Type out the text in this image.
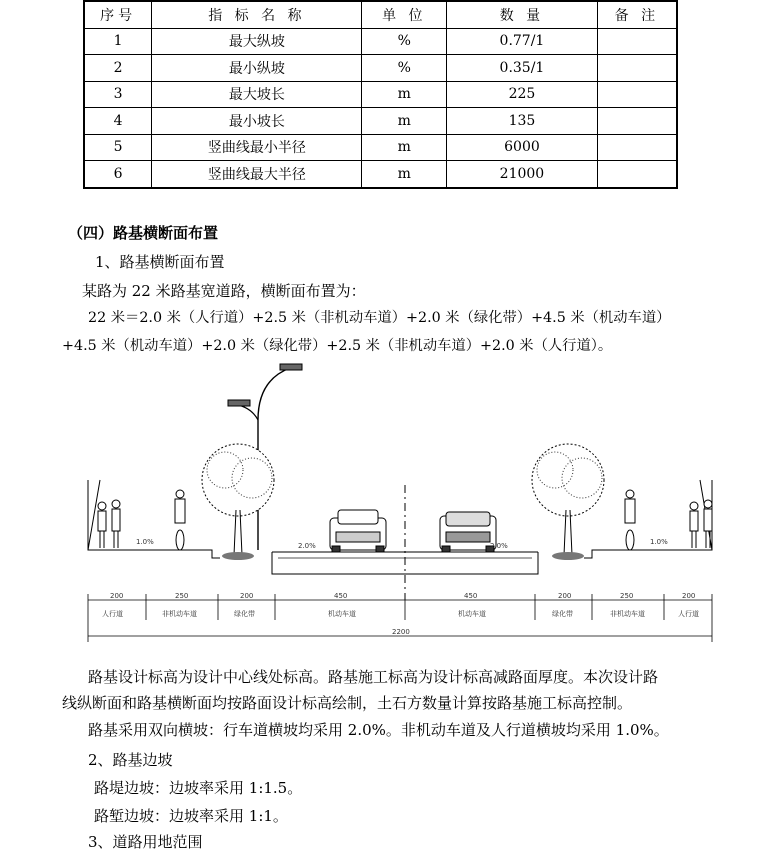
序号	指 标 名 称	单 位	数 量	备 注
1	最大纵坡	%	0.77/1	
2	最小纵坡	%	0.35/1	
3	最大坡长	m	225	
4	最小坡长	m	135	
5	竖曲线最小半径	m	6000	
6	竖曲线最大半径	m	21000	
（四）路基横断面布置
1、路基横断面布置
某路为 22 米路基宽道路，横断面布置为：
22 米＝2.0 米（人行道）+2.5 米（非机动车道）+2.0 米（绿化带）+4.5 米（机动车道）
+4.5 米（机动车道）+2.0 米（绿化带）+2.5 米（非机动车道）+2.0 米（人行道）。
1.0%	1.0%
2.0%	2.0%
200	250	200	450	450	200	250	200
人行道	非机动车道	绿化带	机动车道	机动车道	绿化带	非机动车道	人行道
2200
路基设计标高为设计中心线处标高。路基施工标高为设计标高减路面厚度。本次设计路
线纵断面和路基横断面均按路面设计标高绘制，土石方数量计算按路基施工标高控制。
路基采用双向横坡：行车道横坡均采用 2.0%。非机动车道及人行道横坡均采用 1.0%。
2、路基边坡
路堤边坡：边坡率采用 1:1.5。
路堑边坡：边坡率采用 1:1。
3、道路用地范围
